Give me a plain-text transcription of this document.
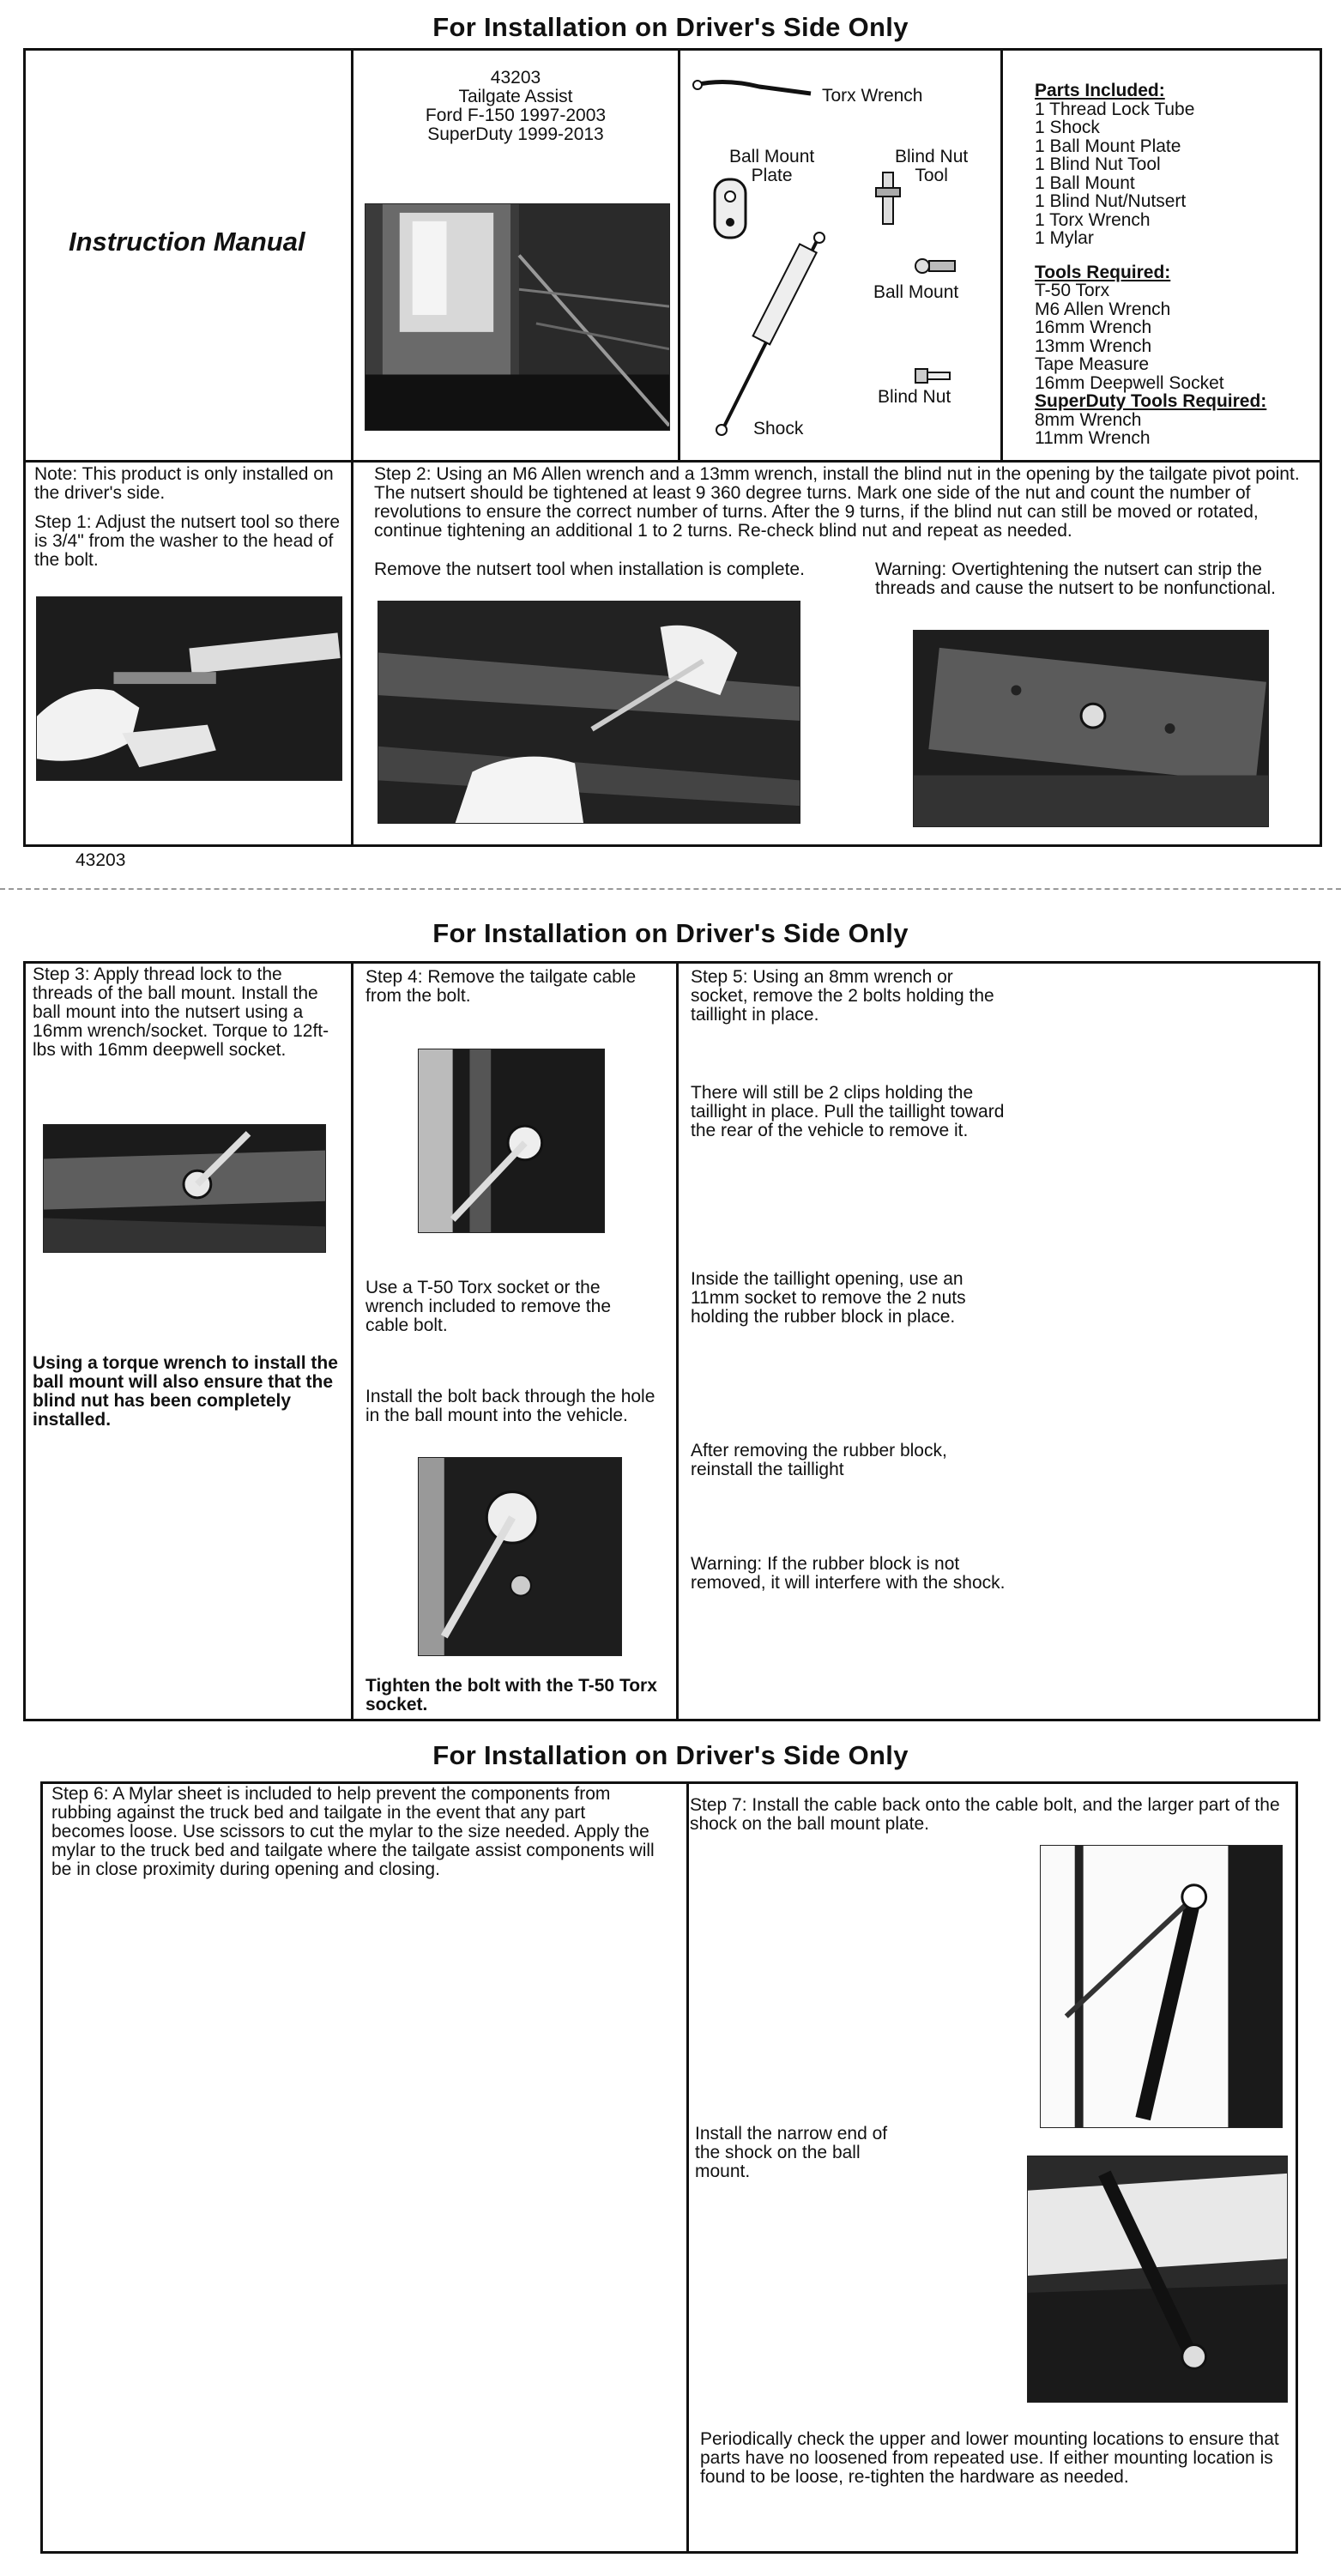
For Installation on Driver's Side Only
Instruction Manual
43203
Tailgate Assist
Ford F-150 1997-2003
SuperDuty 1999-2013
Torx Wrench
Ball Mount
Plate
Blind Nut
Tool
Ball Mount
Blind Nut
Shock

Parts Included:

1 Thread Lock Tube

1 Shock

1 Ball Mount Plate

1 Blind Nut Tool

1 Ball Mount

1 Blind Nut/Nutsert

1 Torx Wrench

1 Mylar

Tools Required:

T-50 Torx

M6 Allen Wrench

16mm Wrench

13mm Wrench

Tape Measure

16mm Deepwell Socket

SuperDuty Tools Required:

8mm Wrench

11mm Wrench

Note: This product is only installed on the driver's side.
Step 1: Adjust the nutsert tool so there is 3/4" from the washer to the head of the bolt.
Step 2: Using an M6 Allen wrench and a 13mm wrench, install the blind nut in the opening by the tailgate pivot point. The nutsert should be tightened at least 9 360 degree turns. Mark one side of the nut and count the number of revolutions to ensure the correct number of turns. After the 9 turns, if the blind nut can still be moved or rotated, continue tightening an additional 1 to 2 turns. Re-check blind nut and repeat as needed.
Remove the nutsert tool when installation is complete.	Warning: Overtightening the nutsert can strip the threads and cause the nutsert to be nonfunctional.
43203
For Installation on Driver's Side Only
Step 3: Apply thread lock to the threads of the ball mount. Install the ball mount into the nutsert using a 16mm wrench/socket. Torque to 12ft-lbs with 16mm deepwell socket.
Using a torque wrench to install the ball mount will also ensure that the blind nut has been completely installed.
Step 4: Remove the tailgate cable from the bolt.
Use a T-50 Torx socket or the wrench included to remove the cable bolt.
Install the bolt back through the hole in the ball mount into the vehicle.
Tighten the bolt with the T-50 Torx socket.
Step 5: Using an 8mm wrench or socket, remove the 2 bolts holding the taillight in place.
There will still be 2 clips holding the taillight in place. Pull the taillight toward the rear of the vehicle to remove it.
Inside the taillight opening, use an 11mm socket to remove the 2 nuts holding the rubber block in place.
After removing the rubber block, reinstall the taillight
Warning: If the rubber block is not removed, it will interfere with the shock.
For Installation on Driver's Side Only
Step 6: A Mylar sheet is included to help prevent the components from rubbing against the truck bed and tailgate in the event that any part becomes loose. Use scissors to cut the mylar to the size needed. Apply the mylar to the truck bed and tailgate where the tailgate assist components will be in close proximity during opening and closing.
Step 7: Install the cable back onto the cable bolt, and the larger part of the shock on the ball mount plate.
Install the narrow end of the shock on the ball mount.
Periodically check the upper and lower mounting locations to ensure that parts have no loosened from repeated use. If either mounting location is found to be loose, re-tighten the hardware as needed.
